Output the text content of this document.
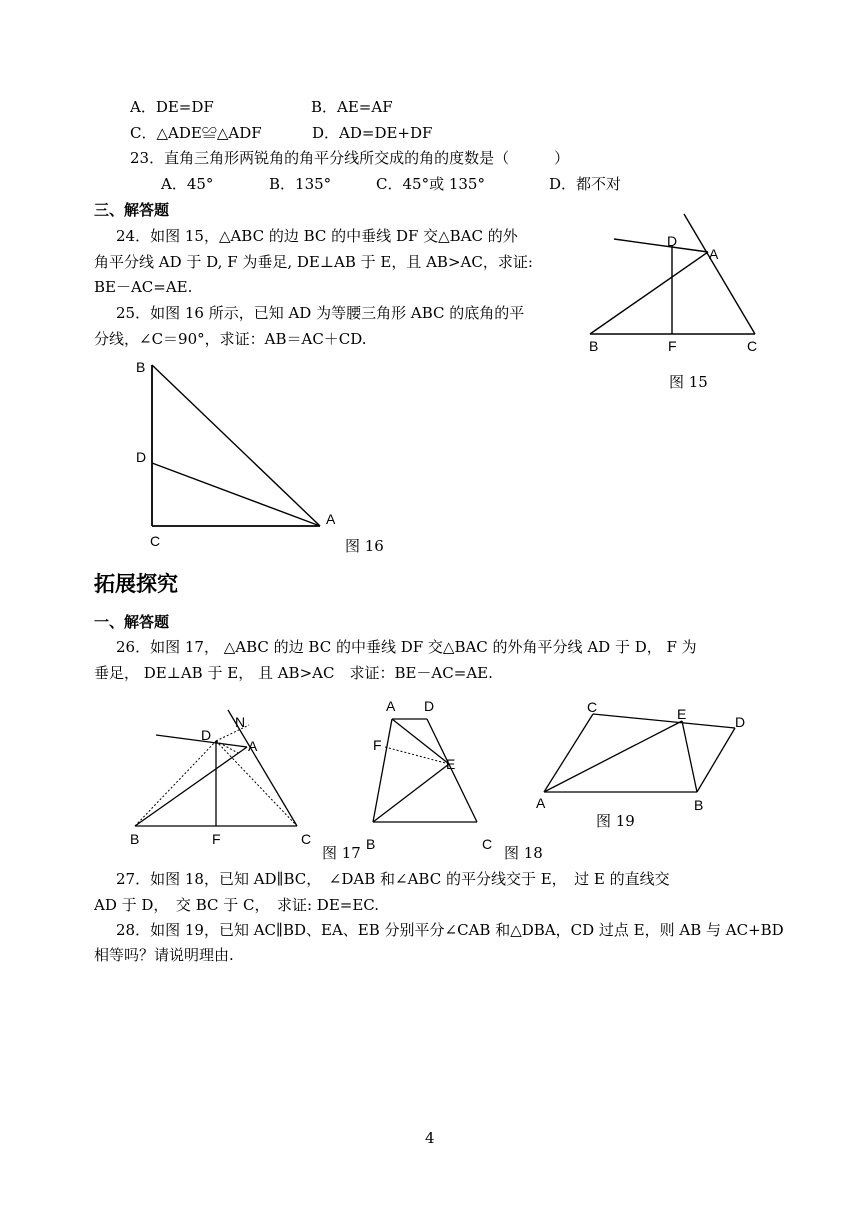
A．DE=DF	B．AE=AF
C．△ADE≌△ADF	D．AD=DE+DF
23．直角三角形两锐角的角平分线所交成的角的度数是（　　　）
A．45°	B．135°	C．45°或 135°	D．都不对
三、解答题
24．如图 15，△ABC 的边 BC 的中垂线 DF 交△BAC 的外
角平分线 AD 于 D, F 为垂足, DE⊥AB 于 E，且 AB>AC，求证:
BE－AC=AE.
25．如图 16 所示，已知 AD 为等腰三角形 ABC 的底角的平
分线，∠C＝90°，求证：AB＝AC＋CD.
D
A
B	F	C
图 15
B
D
A
C	图 16
拓展探究
一、解答题
26．如图 17， △ABC 的边 BC 的中垂线 DF 交△BAC 的外角平分线 AD 于 D， F 为
垂足， DE⊥AB 于 E， 且 AB>AC　求证：BE－AC=AE.
D
N
A
B	F	C
图 17
A D
F
E
B	C 图 18
C	E	D
A	B
图 19
27．如图 18，已知 AD∥BC，　∠DAB 和∠ABC 的平分线交于 E，　过 E 的直线交
AD 于 D，　交 BC 于 C，　求证: DE=EC.
28．如图 19，已知 AC∥BD、EA、EB 分别平分∠CAB 和△DBA，CD 过点 E，则 AB 与 AC+BD
相等吗？请说明理由.
4
